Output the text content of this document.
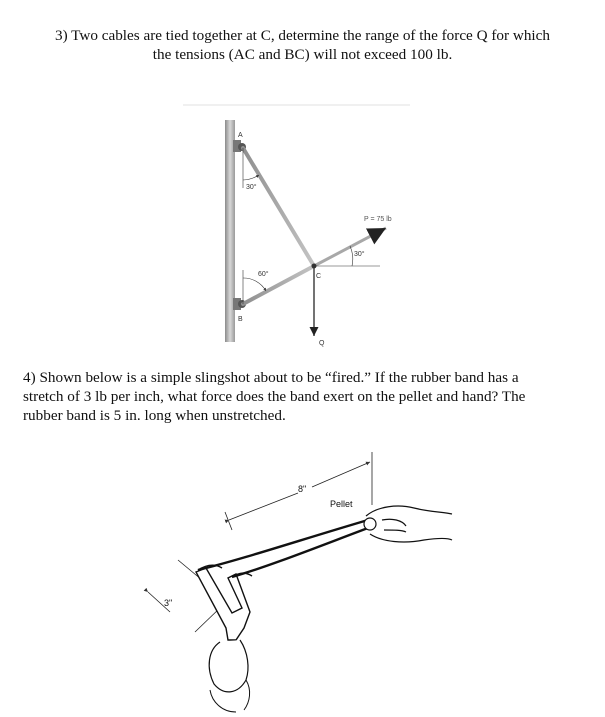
3) Two cables are tied together at C, determine the range of the force Q for which
the tensions (AC and BC) will not exceed 100 lb.
A
B
C
Q
30°
60°
30°
P = 75 lb
8"
3"
Pellet
4) Shown below is a simple slingshot about to be “fired.” If the rubber band has a
stretch of 3 lb per inch, what force does the band exert on the pellet and hand? The
rubber band is 5 in. long when unstretched.
